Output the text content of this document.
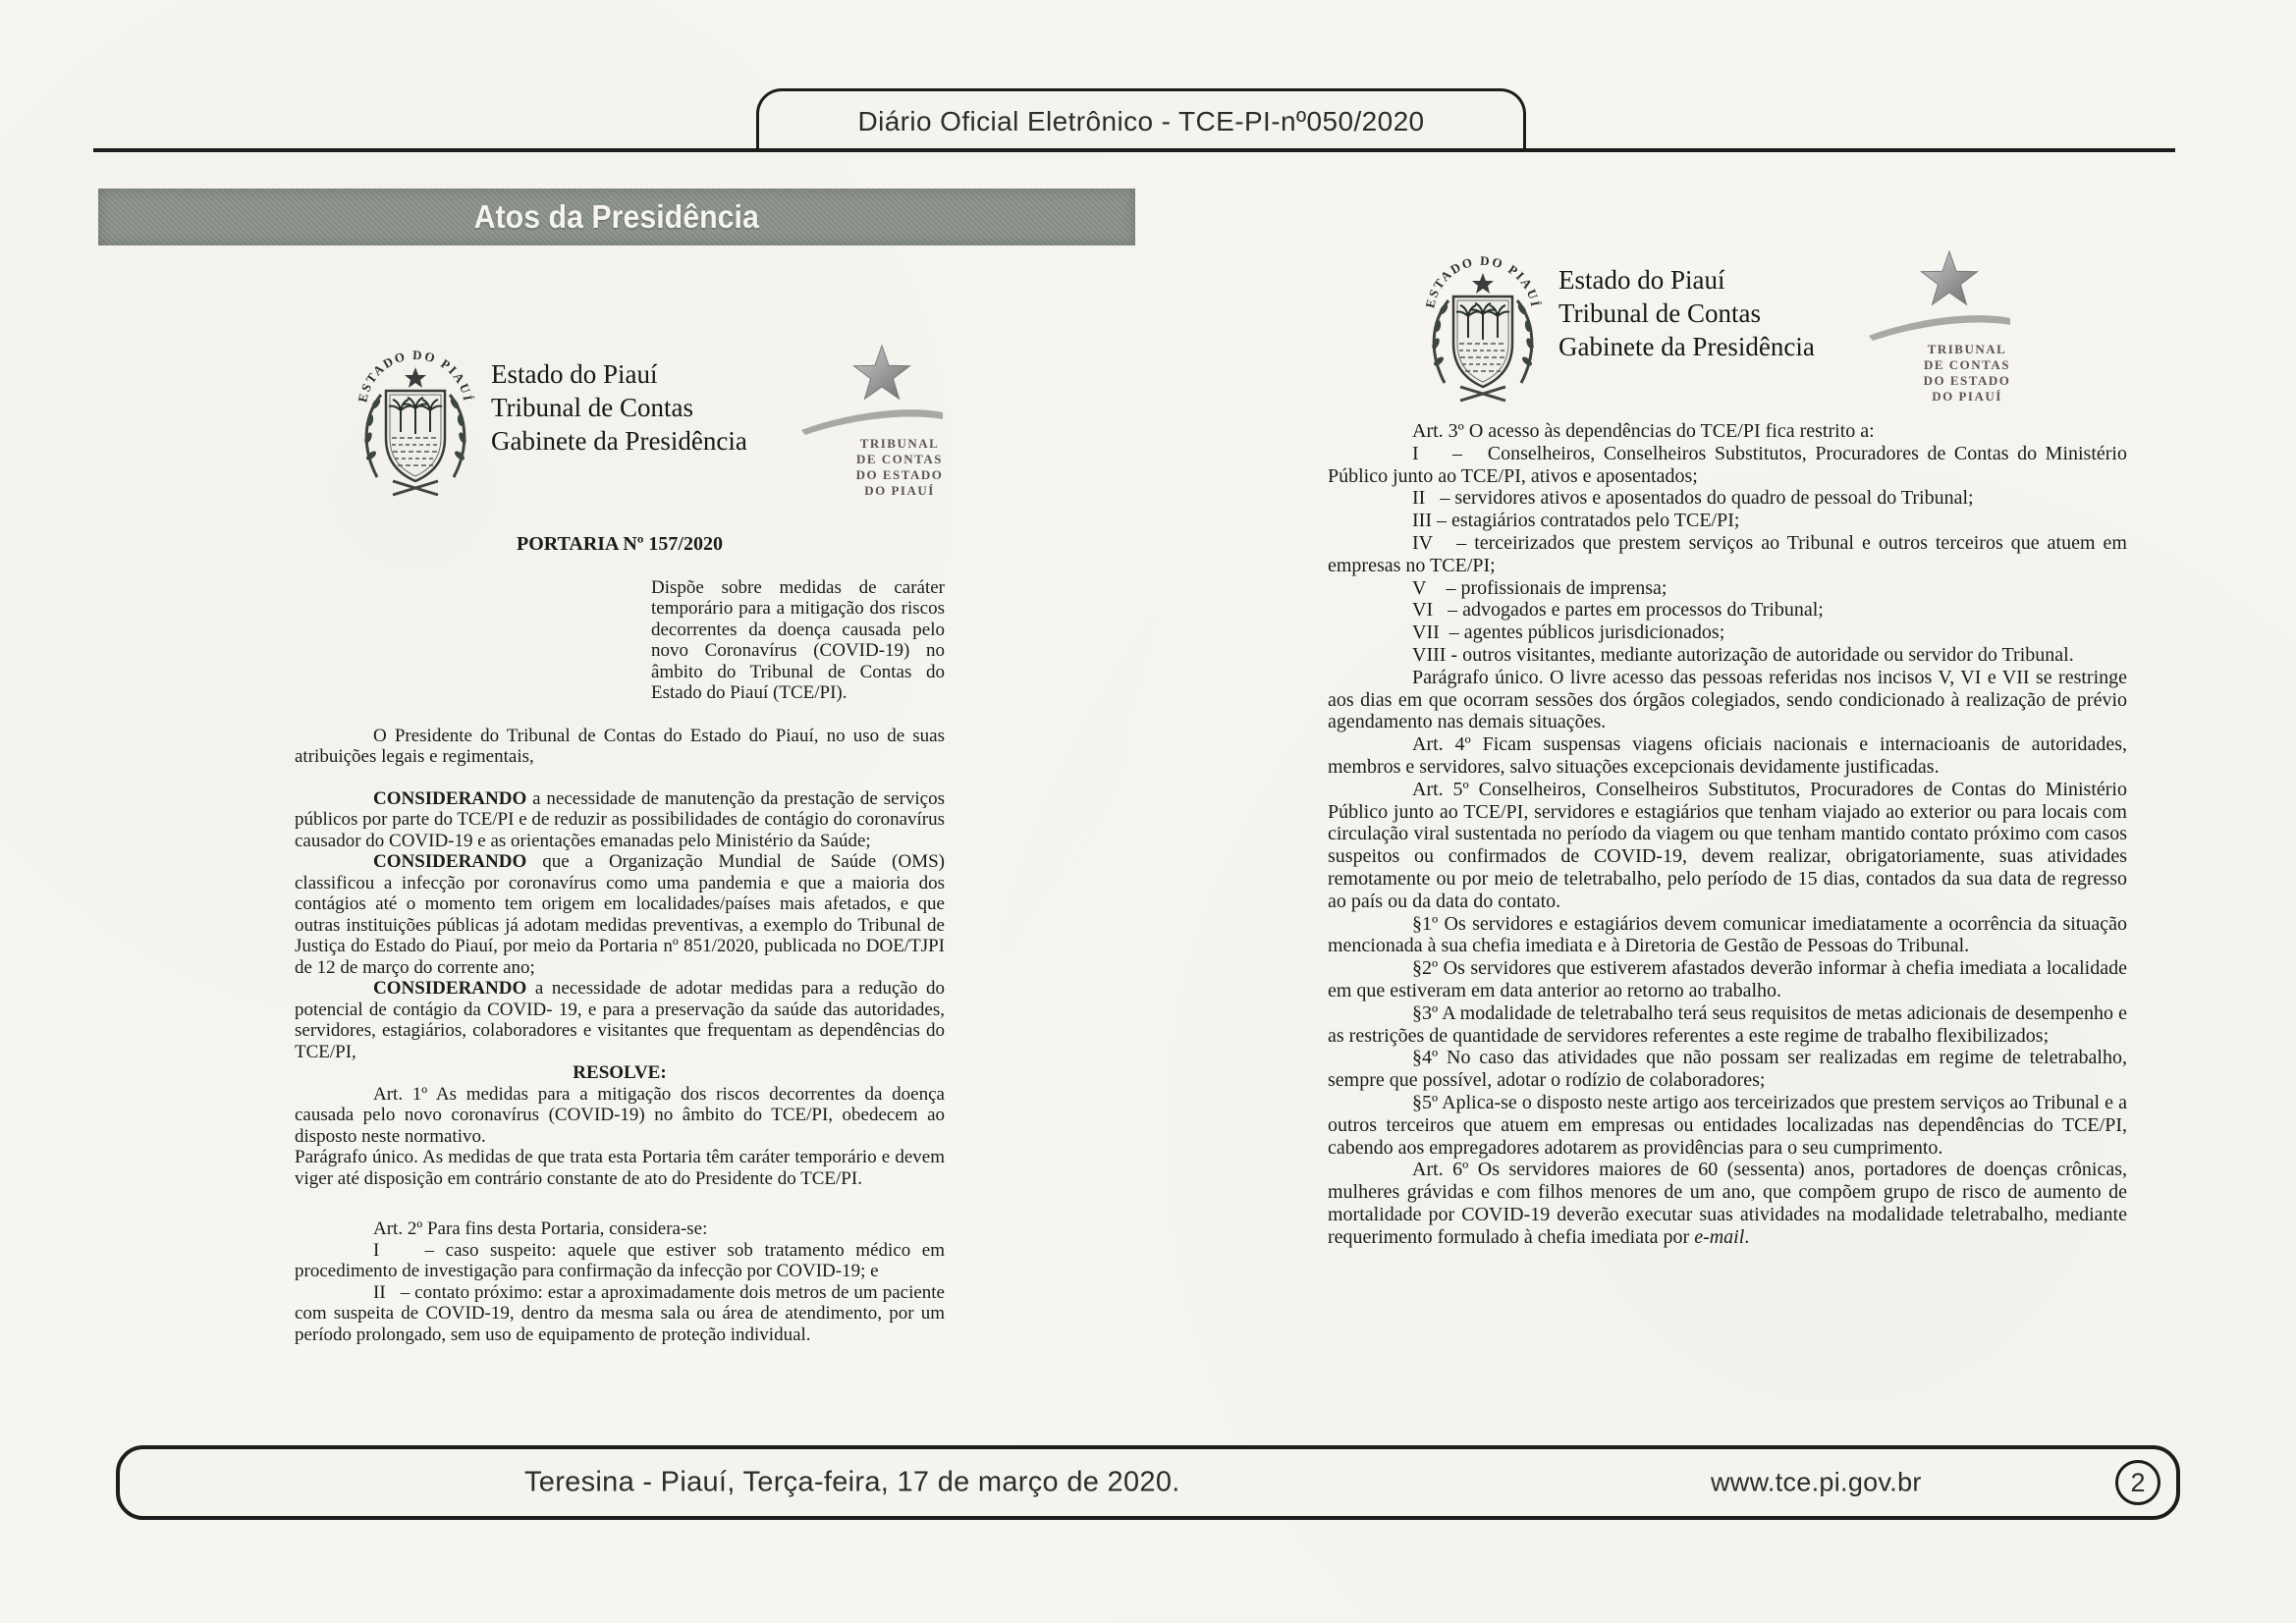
Diário Oficial Eletrônico - TCE-PI-nº050/2020
Atos da Presidência
ESTADO DO PIAUÍ
Estado do Piauí
Tribunal de Contas
Gabinete da Presidência	TRIBUNAL
DE CONTAS
DO ESTADO
DO PIAUÍ
ESTADO DO PIAUÍ
Estado do Piauí
Tribunal de Contas
Gabinete da Presidência	TRIBUNAL
DE CONTAS
DO ESTADO
DO PIAUÍ
PORTARIA Nº 157/2020
Dispõe sobre medidas de caráter temporário para a mitigação dos riscos decorrentes da doença causada pelo novo Coronavírus (COVID-19) no âmbito do Tribunal de Contas do Estado do Piauí (TCE/PI).

O Presidente do Tribunal de Contas do Estado do Piauí, no uso de suas atribuições legais e regimentais,

CONSIDERANDO a necessidade de manutenção da prestação de serviços públicos por parte do TCE/PI e de reduzir as possibilidades de contágio do coronavírus causador do COVID-19 e as orientações emanadas pelo Ministério da Saúde;

CONSIDERANDO que a Organização Mundial de Saúde (OMS) classificou a infecção por coronavírus como uma pandemia e que a maioria dos contágios até o momento tem origem em localidades/países mais afetados, e que outras instituições públicas já adotam medidas preventivas, a exemplo do Tribunal de Justiça do Estado do Piauí, por meio da Portaria nº 851/2020, publicada no DOE/TJPI de 12 de março do corrente ano;

CONSIDERANDO a necessidade de adotar medidas para a redução do potencial de contágio da COVID- 19, e para a preservação da saúde das autoridades, servidores, estagiários, colaboradores e visitantes que frequentam as dependências do TCE/PI,

RESOLVE:

Art. 1º As medidas para a mitigação dos riscos decorrentes da doença causada pelo novo coronavírus (COVID-19) no âmbito do TCE/PI, obedecem ao disposto neste normativo.

Parágrafo único. As medidas de que trata esta Portaria têm caráter temporário e devem viger até disposição em contrário constante de ato do Presidente do TCE/PI.

Art. 2º Para fins desta Portaria, considera-se:

I    – caso suspeito: aquele que estiver sob tratamento médico em procedimento de investigação para confirmação da infecção por COVID-19; e

II   – contato próximo: estar a aproximadamente dois metros de um paciente com suspeita de COVID-19, dentro da mesma sala ou área de atendimento, por um período prolongado, sem uso de equipamento de proteção individual.

Art. 3º O acesso às dependências do TCE/PI fica restrito a:

I    –   Conselheiros, Conselheiros Substitutos, Procuradores de Contas do Ministério Público junto ao TCE/PI, ativos e aposentados;

II   – servidores ativos e aposentados do quadro de pessoal do Tribunal;

III – estagiários contratados pelo TCE/PI;

IV   – terceirizados que prestem serviços ao Tribunal e outros terceiros que atuem em empresas no TCE/PI;

V    – profissionais de imprensa;

VI   – advogados e partes em processos do Tribunal;

VII  – agentes públicos jurisdicionados;

VIII - outros visitantes, mediante autorização de autoridade ou servidor do Tribunal.

Parágrafo único. O livre acesso das pessoas referidas nos incisos V, VI e VII se restringe aos dias em que ocorram sessões dos órgãos colegiados, sendo condicionado à realização de prévio agendamento nas demais situações.

Art. 4º Ficam suspensas viagens oficiais nacionais e internacioanis de autoridades, membros e servidores, salvo situações excepcionais devidamente justificadas.

Art. 5º Conselheiros, Conselheiros Substitutos, Procuradores de Contas do Ministério Público junto ao TCE/PI, servidores e estagiários que tenham viajado ao exterior ou para locais com circulação viral sustentada no período da viagem ou que tenham mantido contato próximo com casos suspeitos ou confirmados de COVID-19, devem realizar, obrigatoriamente, suas atividades remotamente ou por meio de teletrabalho, pelo período de 15 dias, contados da sua data de regresso ao país ou da data do contato.

§1º Os servidores e estagiários devem comunicar imediatamente a ocorrência da situação mencionada à sua chefia imediata e à Diretoria de Gestão de Pessoas do Tribunal.

§2º Os servidores que estiverem afastados deverão informar à chefia imediata a localidade em que estiveram em data anterior ao retorno ao trabalho.

§3º A modalidade de teletrabalho terá seus requisitos de metas adicionais de desempenho e as restrições de quantidade de servidores referentes a este regime de trabalho flexibilizados;

§4º No caso das atividades que não possam ser realizadas em regime de teletrabalho, sempre que possível, adotar o rodízio de colaboradores;

§5º Aplica-se o disposto neste artigo aos terceirizados que prestem serviços ao Tribunal e a outros terceiros que atuem em empresas ou entidades localizadas nas dependências do TCE/PI, cabendo aos empregadores adotarem as providências para o seu cumprimento.

Art. 6º Os servidores maiores de 60 (sessenta) anos, portadores de doenças crônicas, mulheres grávidas e com filhos menores de um ano, que compõem grupo de risco de aumento de mortalidade por COVID-19 deverão executar suas atividades na modalidade teletrabalho, mediante requerimento formulado à chefia imediata por e-mail.

Teresina - Piauí, Terça-feira, 17 de março de 2020.	www.tce.pi.gov.br	2
